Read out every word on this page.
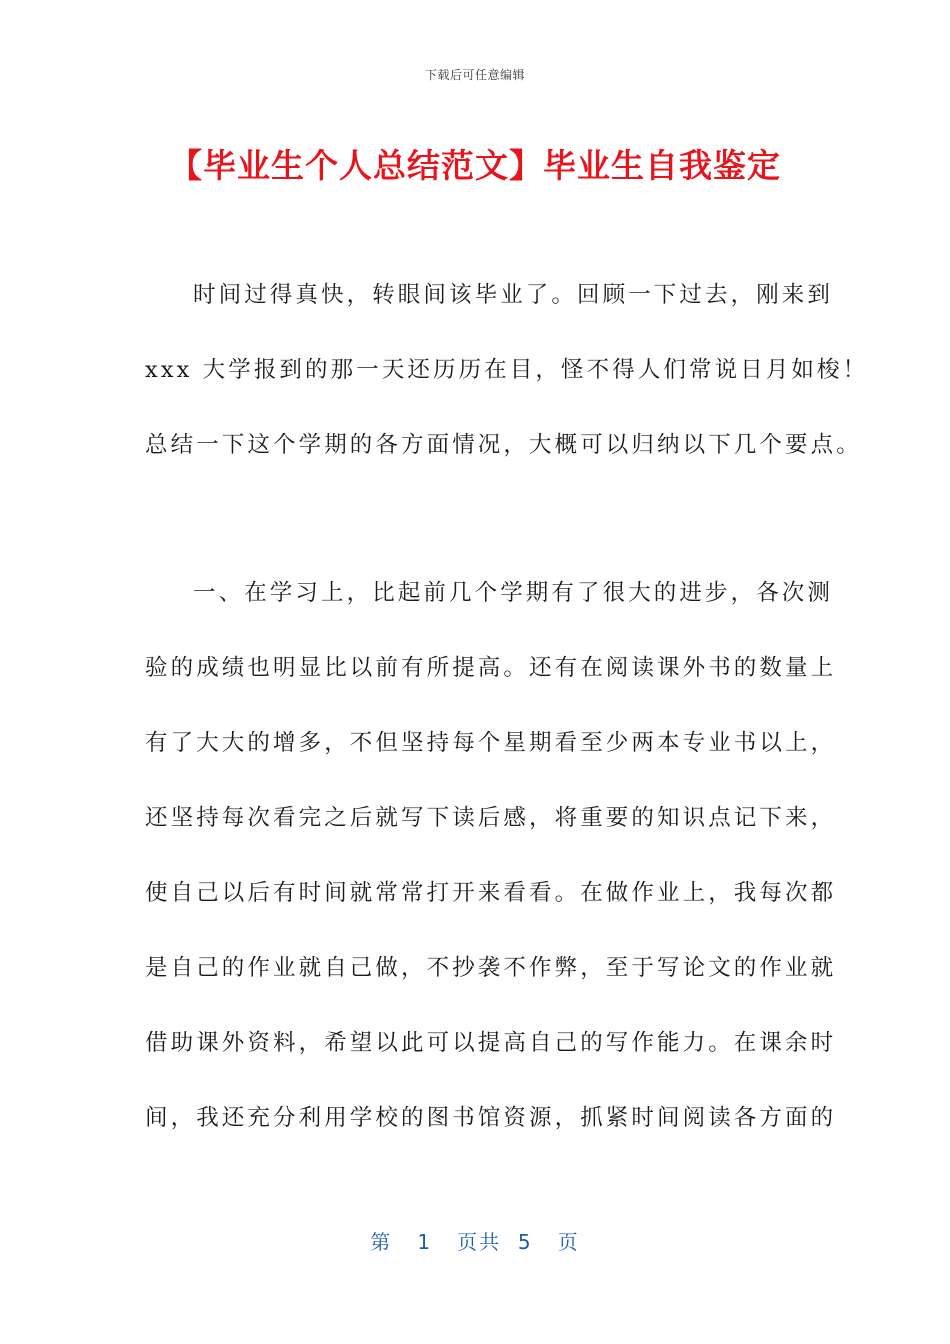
下载后可任意编辑
【毕业生个人总结范文】毕业生自我鉴定
时间过得真快，转眼间该毕业了。回顾一下过去，刚来到
xxx 大学报到的那一天还历历在目，怪不得人们常说日月如梭！
总结一下这个学期的各方面情况，大概可以归纳以下几个要点。
一、在学习上，比起前几个学期有了很大的进步，各次测
验的成绩也明显比以前有所提高。还有在阅读课外书的数量上
有了大大的增多，不但坚持每个星期看至少两本专业书以上，
还坚持每次看完之后就写下读后感，将重要的知识点记下来，
使自己以后有时间就常常打开来看看。在做作业上，我每次都
是自己的作业就自己做，不抄袭不作弊，至于写论文的作业就
借助课外资料，希望以此可以提高自己的写作能力。在课余时
间，我还充分利用学校的图书馆资源，抓紧时间阅读各方面的
第 1 页共 5 页
